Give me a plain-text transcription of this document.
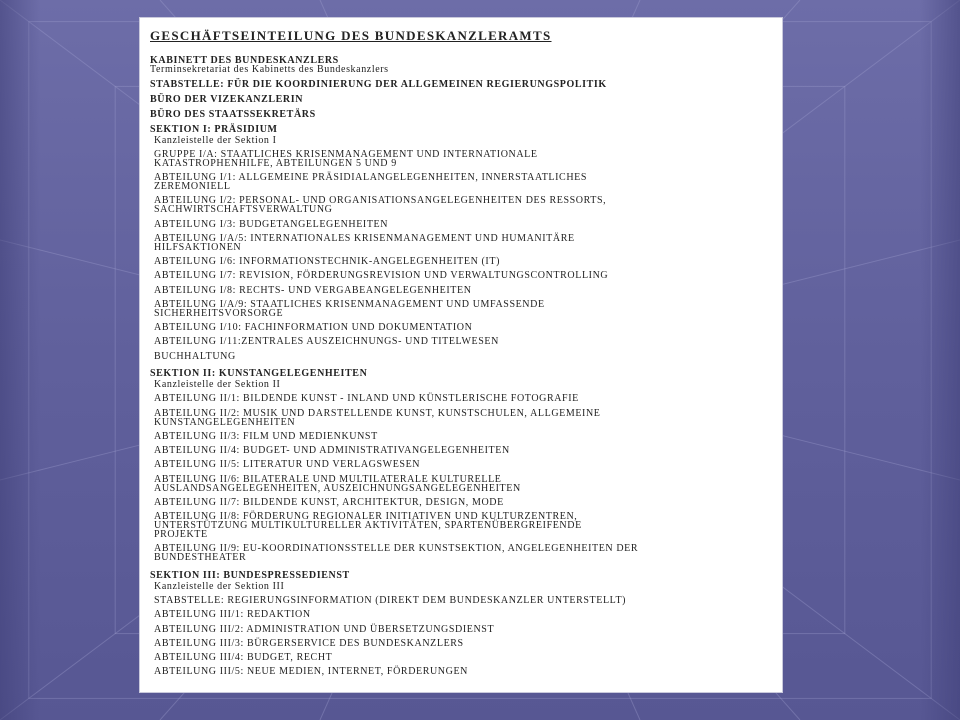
GESCHÄFTSEINTEILUNG DES BUNDESKANZLERAMTS
KABINETT DES BUNDESKANZLERS
Terminsekretariat des Kabinetts des Bundeskanzlers
STABSTELLE: FÜR DIE KOORDINIERUNG DER ALLGEMEINEN REGIERUNGSPOLITIK
BÜRO DER VIZEKANZLERIN
BÜRO DES STAATSSEKRETÄRS
SEKTION I: PRÄSIDIUM
Kanzleistelle der Sektion I
GRUPPE I/A: STAATLICHES KRISENMANAGEMENT UND INTERNATIONALE
KATASTROPHENHILFE, ABTEILUNGEN 5 UND 9
ABTEILUNG I/1: ALLGEMEINE PRÄSIDIALANGELEGENHEITEN, INNERSTAATLICHES
ZEREMONIELL
ABTEILUNG I/2: PERSONAL- UND ORGANISATIONSANGELEGENHEITEN DES RESSORTS,
SACHWIRTSCHAFTSVERWALTUNG
ABTEILUNG I/3: BUDGETANGELEGENHEITEN
ABTEILUNG I/A/5: INTERNATIONALES KRISENMANAGEMENT UND HUMANITÄRE
HILFSAKTIONEN
ABTEILUNG I/6: INFORMATIONSTECHNIK-ANGELEGENHEITEN (IT)
ABTEILUNG I/7: REVISION, FÖRDERUNGSREVISION UND VERWALTUNGSCONTROLLING
ABTEILUNG I/8: RECHTS- UND VERGABEANGELEGENHEITEN
ABTEILUNG I/A/9: STAATLICHES KRISENMANAGEMENT UND UMFASSENDE
SICHERHEITSVORSORGE
ABTEILUNG I/10: FACHINFORMATION UND DOKUMENTATION
ABTEILUNG I/11:ZENTRALES AUSZEICHNUNGS- UND TITELWESEN
BUCHHALTUNG
SEKTION II: KUNSTANGELEGENHEITEN
Kanzleistelle der Sektion II
ABTEILUNG II/1: BILDENDE KUNST - INLAND UND KÜNSTLERISCHE FOTOGRAFIE
ABTEILUNG II/2: MUSIK UND DARSTELLENDE KUNST, KUNSTSCHULEN, ALLGEMEINE
KUNSTANGELEGENHEITEN
ABTEILUNG II/3: FILM UND MEDIENKUNST
ABTEILUNG II/4: BUDGET- UND ADMINISTRATIVANGELEGENHEITEN
ABTEILUNG II/5: LITERATUR UND VERLAGSWESEN
ABTEILUNG II/6: BILATERALE UND MULTILATERALE KULTURELLE
AUSLANDSANGELEGENHEITEN, AUSZEICHNUNGSANGELEGENHEITEN
ABTEILUNG II/7: BILDENDE KUNST, ARCHITEKTUR, DESIGN, MODE
ABTEILUNG II/8: FÖRDERUNG REGIONALER INITIATIVEN UND KULTURZENTREN,
UNTERSTÜTZUNG MULTIKULTURELLER AKTIVITÄTEN, SPARTENÜBERGREIFENDE
PROJEKTE
ABTEILUNG II/9: EU-KOORDINATIONSSTELLE DER KUNSTSEKTION, ANGELEGENHEITEN DER
BUNDESTHEATER
SEKTION III: BUNDESPRESSEDIENST
Kanzleistelle der Sektion III
STABSTELLE: REGIERUNGSINFORMATION (DIREKT DEM BUNDESKANZLER UNTERSTELLT)
ABTEILUNG III/1: REDAKTION
ABTEILUNG III/2: ADMINISTRATION UND ÜBERSETZUNGSDIENST
ABTEILUNG III/3: BÜRGERSERVICE DES BUNDESKANZLERS
ABTEILUNG III/4: BUDGET, RECHT
ABTEILUNG III/5: NEUE MEDIEN, INTERNET, FÖRDERUNGEN
